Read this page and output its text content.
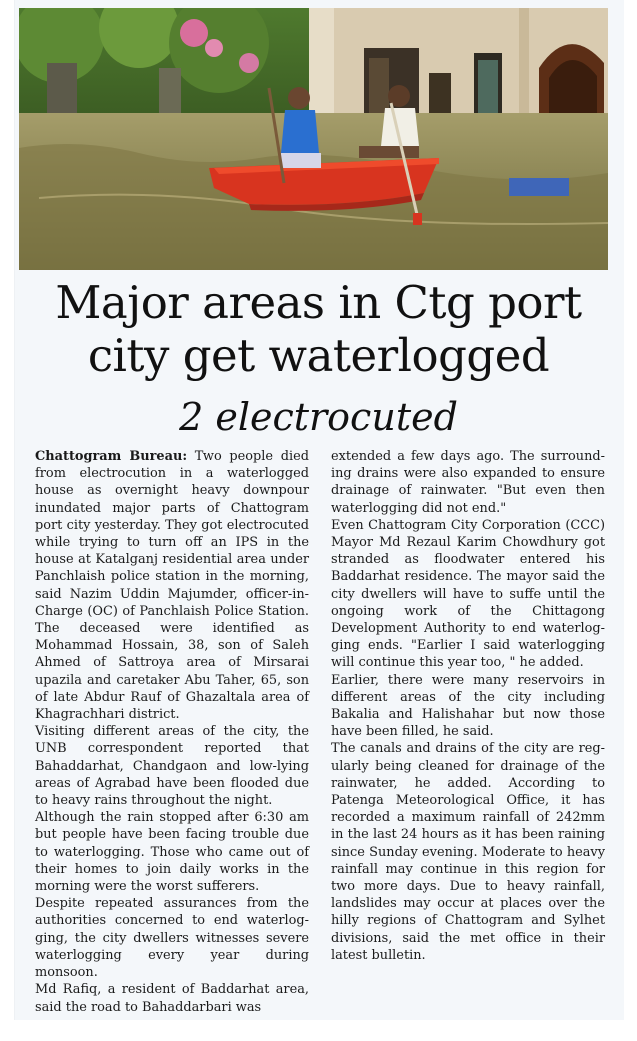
Major areas in Ctg port
city get waterlogged
2 electrocuted

Chattogram Bureau: Two people died from electrocution in a waterlogged house as overnight heavy downpour inundated major parts of Chattogram port city yesterday. They got electrocuted while trying to turn off an IPS in the house at Katalganj residential area under Panchlaish police station in the morning, said Nazim Uddin Majumder, officer-in-Charge (OC) of Panchlaish Police Station. The deceased were identified as Mohammad Hossain, 38, son of Saleh Ahmed of Sattroya area of Mirsarai upazila and caretaker Abu Taher, 65, son of late Abdur Rauf of Ghazaltala area of Khagrachhari district.

Visiting different areas of the city, the UNB correspondent reported that Bahaddarhat, Chandgaon and low-lying areas of Agrabad have been flooded due to heavy rains throughout the night.

Although the rain stopped after 6:30 am but people have been facing trouble due to waterlogging. Those who came out of their homes to join daily works in the morning were the worst sufferers.

Despite repeated assurances from the authorities concerned to end waterlogging, the city dwellers witnesses severe waterlogging every year during monsoon.

Md Rafiq, a resident of Baddarhat area, said the road to Bahaddarbari was

extended a few days ago. The surrounding drains were also expanded to ensure drainage of rainwater. "But even then waterlogging did not end."

Even Chattogram City Corporation (CCC) Mayor Md Rezaul Karim Chowdhury got stranded as floodwater entered his Baddarhat residence. The mayor said the city dwellers will have to suffe until the ongoing work of the Chittagong Development Authority to end waterlogging ends. "Earlier I said waterlogging will continue this year too, " he added.

Earlier, there were many reservoirs in different areas of the city including Bakalia and Halishahar but now those have been filled, he said.

The canals and drains of the city are regularly being cleaned for drainage of the rainwater, he added. According to Patenga Meteorological Office, it has recorded a maximum rainfall of 242mm in the last 24 hours as it has been raining since Sunday evening. Moderate to heavy rainfall may continue in this region for two more days. Due to heavy rainfall, landslides may occur at places over the hilly regions of Chattogram and Sylhet divisions, said the met office in their latest bulletin.
